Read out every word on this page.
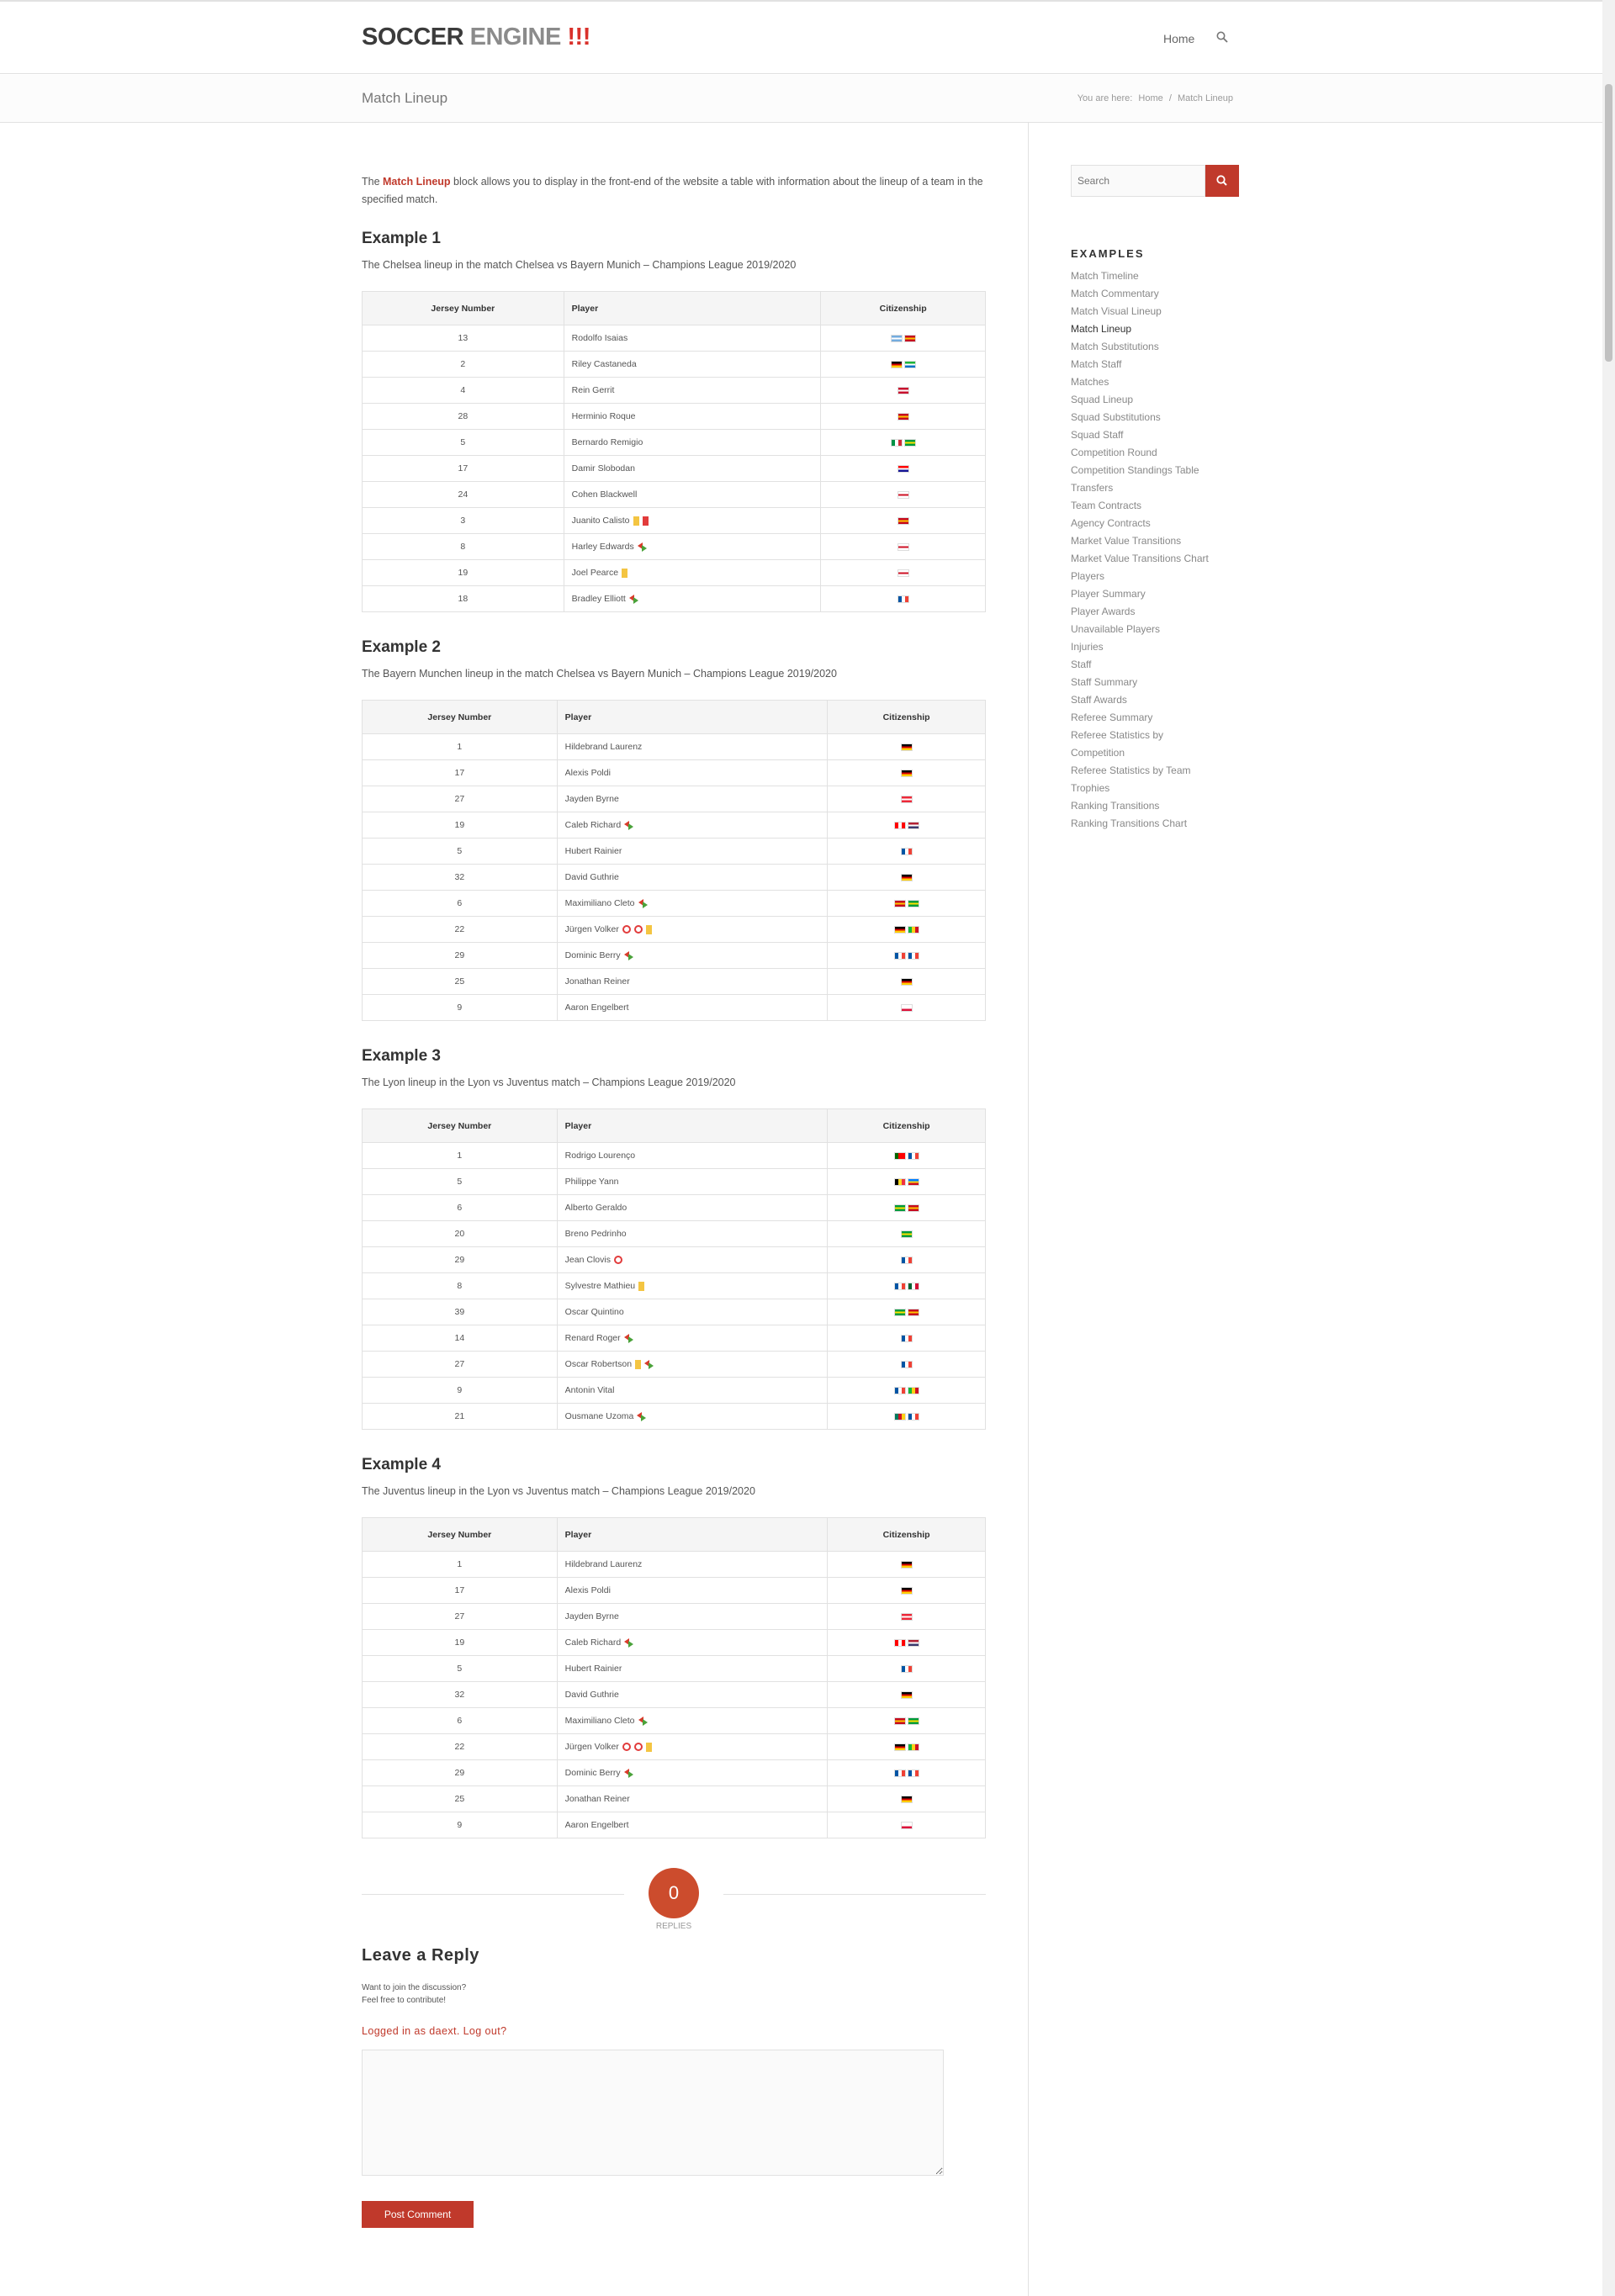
SOCCER ENGINE !!!	Home
Match Lineup	You are here: Home / Match Lineup

The Match Lineup block allows you to display in the front-end of the website a table with information about the lineup of a team in the specified match.

Example 1

The Chelsea lineup in the match Chelsea vs Bayern Munich – Champions League 2019/2020

Jersey Number	Player	Citizenship
13	Rodolfo Isaias	
2	Riley Castaneda	
4	Rein Gerrit	
28	Herminio Roque	
5	Bernardo Remigio	
17	Damir Slobodan	
24	Cohen Blackwell	
3	Juanito Calisto	
8	Harley Edwards	
19	Joel Pearce	
18	Bradley Elliott	
Example 2

The Bayern Munchen lineup in the match Chelsea vs Bayern Munich – Champions League 2019/2020

Jersey Number	Player	Citizenship
1	Hildebrand Laurenz	
17	Alexis Poldi	
27	Jayden Byrne	
19	Caleb Richard	
5	Hubert Rainier	
32	David Guthrie	
6	Maximiliano Cleto	
22	Jürgen Volker	
29	Dominic Berry	
25	Jonathan Reiner	
9	Aaron Engelbert	
Example 3

The Lyon lineup in the Lyon vs Juventus match – Champions League 2019/2020

Jersey Number	Player	Citizenship
1	Rodrigo Lourenço	
5	Philippe Yann	
6	Alberto Geraldo	
20	Breno Pedrinho	
29	Jean Clovis	
8	Sylvestre Mathieu	
39	Oscar Quintino	
14	Renard Roger	
27	Oscar Robertson	
9	Antonin Vital	
21	Ousmane Uzoma	
Example 4

The Juventus lineup in the Lyon vs Juventus match – Champions League 2019/2020

Jersey Number	Player	Citizenship
1	Hildebrand Laurenz	
17	Alexis Poldi	
27	Jayden Byrne	
19	Caleb Richard	
5	Hubert Rainier	
32	David Guthrie	
6	Maximiliano Cleto	
22	Jürgen Volker	
29	Dominic Berry	
25	Jonathan Reiner	
9	Aaron Engelbert	
0
REPLIES
Leave a Reply
Want to join the discussion?
Feel free to contribute!
Logged in as daext. Log out?
Post Comment
Search
EXAMPLES
Match Timeline
Match Commentary
Match Visual Lineup
Match Lineup
Match Substitutions
Match Staff
Matches
Squad Lineup
Squad Substitutions
Squad Staff
Competition Round
Competition Standings Table
Transfers
Team Contracts
Agency Contracts
Market Value Transitions
Market Value Transitions Chart
Players
Player Summary
Player Awards
Unavailable Players
Injuries
Staff
Staff Summary
Staff Awards
Referee Summary
Referee Statistics by
Competition
Referee Statistics by Team
Trophies
Ranking Transitions
Ranking Transitions Chart
